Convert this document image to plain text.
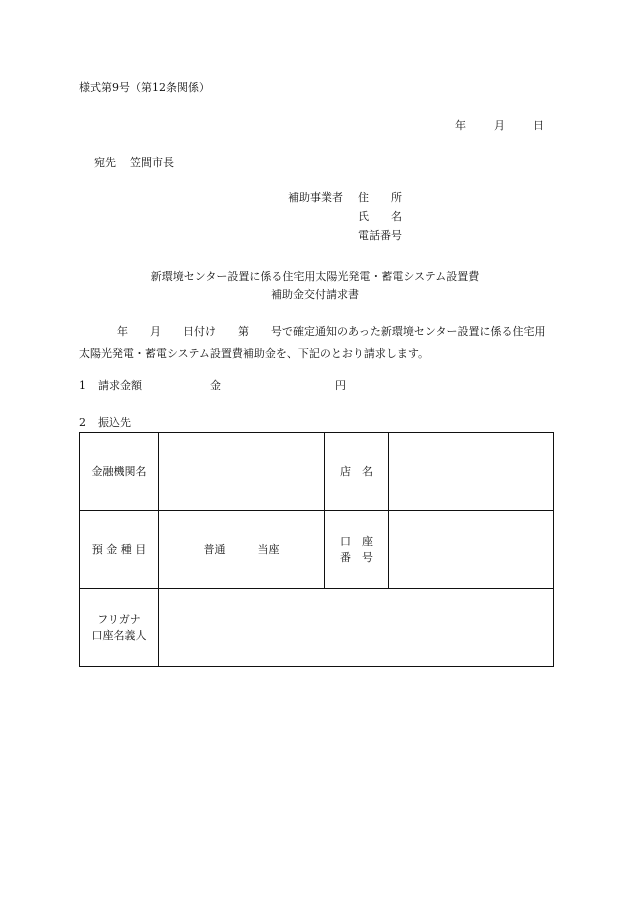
様式第9号（第12条関係）
年	月	日
宛先 笠間市長
補助事業者 住　　所
氏　　名
電話番号
新環境センター設置に係る住宅用太陽光発電・蓄電システム設置費
補助金交付請求書
年 月 日付け 第 号で確定通知のあった新環境センター設置に係る住宅用太陽光発電・蓄電システム設置費補助金を、下記のとおり請求します。
1 請求金額	金	円
2 振込先
金融機関名		店　名	
預 金 種 目	普通 当座	口　座
番　号	

フリガナ
口座名義人			
